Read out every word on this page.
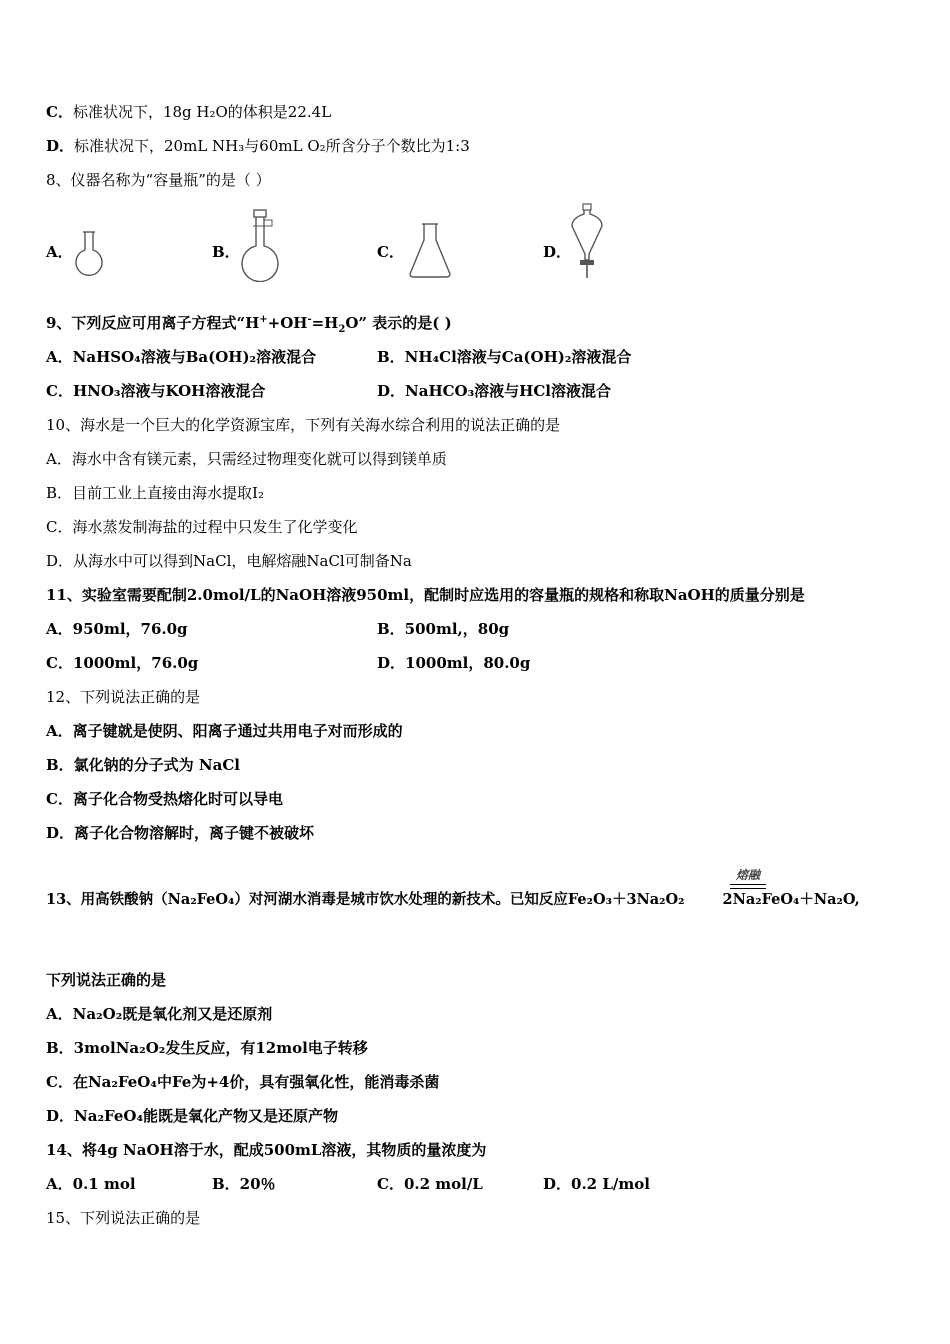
C．标准状况下，18g H₂O的体积是22.4L
D．标准状况下，20mL NH₃与60mL O₂所含分子个数比为1:3
8、仪器名称为“容量瓶”的是（ ）
A．	B．	C．	D．
9、下列反应可用离子方程式“$H^++OH^-=H_2O$” 表示的是( )
A．NaHSO₄溶液与Ba(OH)₂溶液混合	B．NH₄Cl溶液与Ca(OH)₂溶液混合
C．HNO₃溶液与KOH溶液混合	D．NaHCO₃溶液与HCl溶液混合
10、海水是一个巨大的化学资源宝库，下列有关海水综合利用的说法正确的是
A．海水中含有镁元素，只需经过物理变化就可以得到镁单质
B．目前工业上直接由海水提取I₂
C．海水蒸发制海盐的过程中只发生了化学变化
D．从海水中可以得到NaCl，电解熔融NaCl可制备Na
11、实验室需要配制2.0mol/L的NaOH溶液950ml，配制时应选用的容量瓶的规格和称取NaOH的质量分别是
A．950ml，76.0g	B．500ml,，80g
C．1000ml，76.0g	D．1000ml，80.0g
12、下列说法正确的是
A．离子键就是使阴、阳离子通过共用电子对而形成的
B．氯化钠的分子式为 NaCl
C．离子化合物受热熔化时可以导电
D．离子化合物溶解时，离子键不被破坏
13、用高铁酸钠（Na₂FeO₄）对河湖水消毒是城市饮水处理的新技术。已知反应Fe₂O₃＋3Na₂O₂	2Na₂FeO₄＋Na₂O,
熔融
下列说法正确的是
A．Na₂O₂既是氧化剂又是还原剂
B．3molNa₂O₂发生反应，有12mol电子转移
C．在Na₂FeO₄中Fe为+4价，具有强氧化性，能消毒杀菌
D．Na₂FeO₄能既是氧化产物又是还原产物
14、将4g NaOH溶于水，配成500mL溶液，其物质的量浓度为
A．0.1 mol	B．20％	C．0.2 mol/L	D．0.2 L/mol
15、下列说法正确的是
